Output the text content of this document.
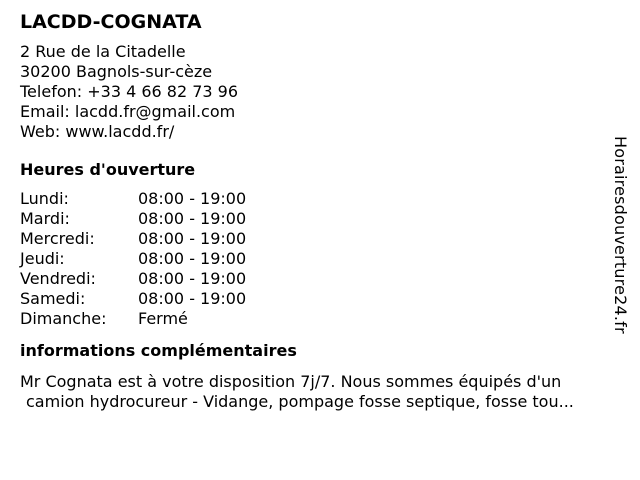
LACDD-COGNATA
2 Rue de la Citadelle
30200 Bagnols-sur-cèze
Telefon: +33 4 66 82 73 96
Email: lacdd.fr@gmail.com
Web: www.lacdd.fr/
Heures d'ouverture
Lundi:	08:00 - 19:00
Mardi:	08:00 - 19:00
Mercredi:	08:00 - 19:00
Jeudi:	08:00 - 19:00
Vendredi:	08:00 - 19:00
Samedi:	08:00 - 19:00
Dimanche:	Fermé
informations complémentaires
Mr Cognata est à votre disposition 7j/7. Nous sommes équipés d'un
camion hydrocureur - Vidange, pompage fosse septique, fosse tou...
Horairesdouverture24.fr
